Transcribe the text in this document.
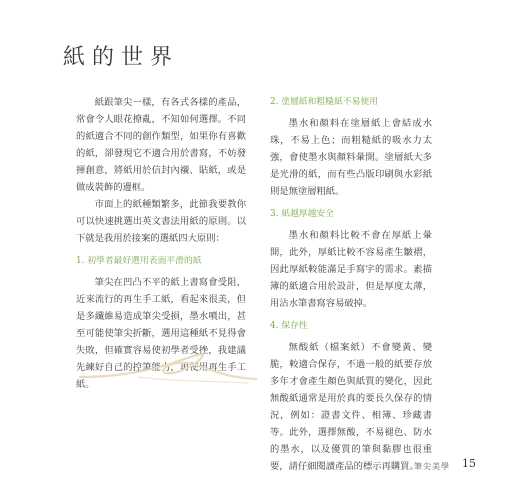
紙的世界

紙跟筆尖一樣，有各式各樣的產品，常會令人眼花撩亂，不知如何選擇。不同的紙適合不同的創作類型，如果你有喜歡的紙，卻發現它不適合用於書寫，不妨發揮創意，將紙用於信封內襯、貼紙，或是做成裝飾的邊框。

市面上的紙種類繁多，此節我要教你可以快速挑選出英文書法用紙的原則。以下就是我用於接案的選紙四大原則：

1. 初學者最好選用表面平滑的紙

筆尖在凹凸不平的紙上書寫會受阻，近來流行的再生手工紙，看起來很美，但是多纖維易造成筆尖受損，墨水噴出，甚至可能使筆尖折斷，選用這種紙不見得會失敗，但確實容易使初學者受挫，我建議先練好自己的控筆能力，再使用再生手工紙。

2. 塗層紙和粗糙紙不易使用

墨水和顏料在塗層紙上會結成水珠，不易上色；而粗糙紙的吸水力太強，會使墨水與顏料暈開。塗層紙大多是光滑的紙，而有些凸版印刷與水彩紙則是無塗層粗紙。

3. 紙越厚越安全

墨水和顏料比較不會在厚紙上暈開，此外，厚紙比較不容易產生皺褶，因此厚紙較能滿足手寫字的需求。素描簿的紙適合用於設計，但是厚度太薄，用沾水筆書寫容易破掉。

4. 保存性

無酸紙（檔案紙）不會變黃、變脆，較適合保存，不過一般的紙要存放多年才會產生顏色與紙質的變化，因此無酸紙通常是用於真的要長久保存的情況，例如：證書文件、相簿、珍藏書等。此外，選擇無酸，不易褪色、防水的墨水，以及優質的筆與黏膠也很重要，請仔細閱讀產品的標示再購買。

筆尖美學 15
